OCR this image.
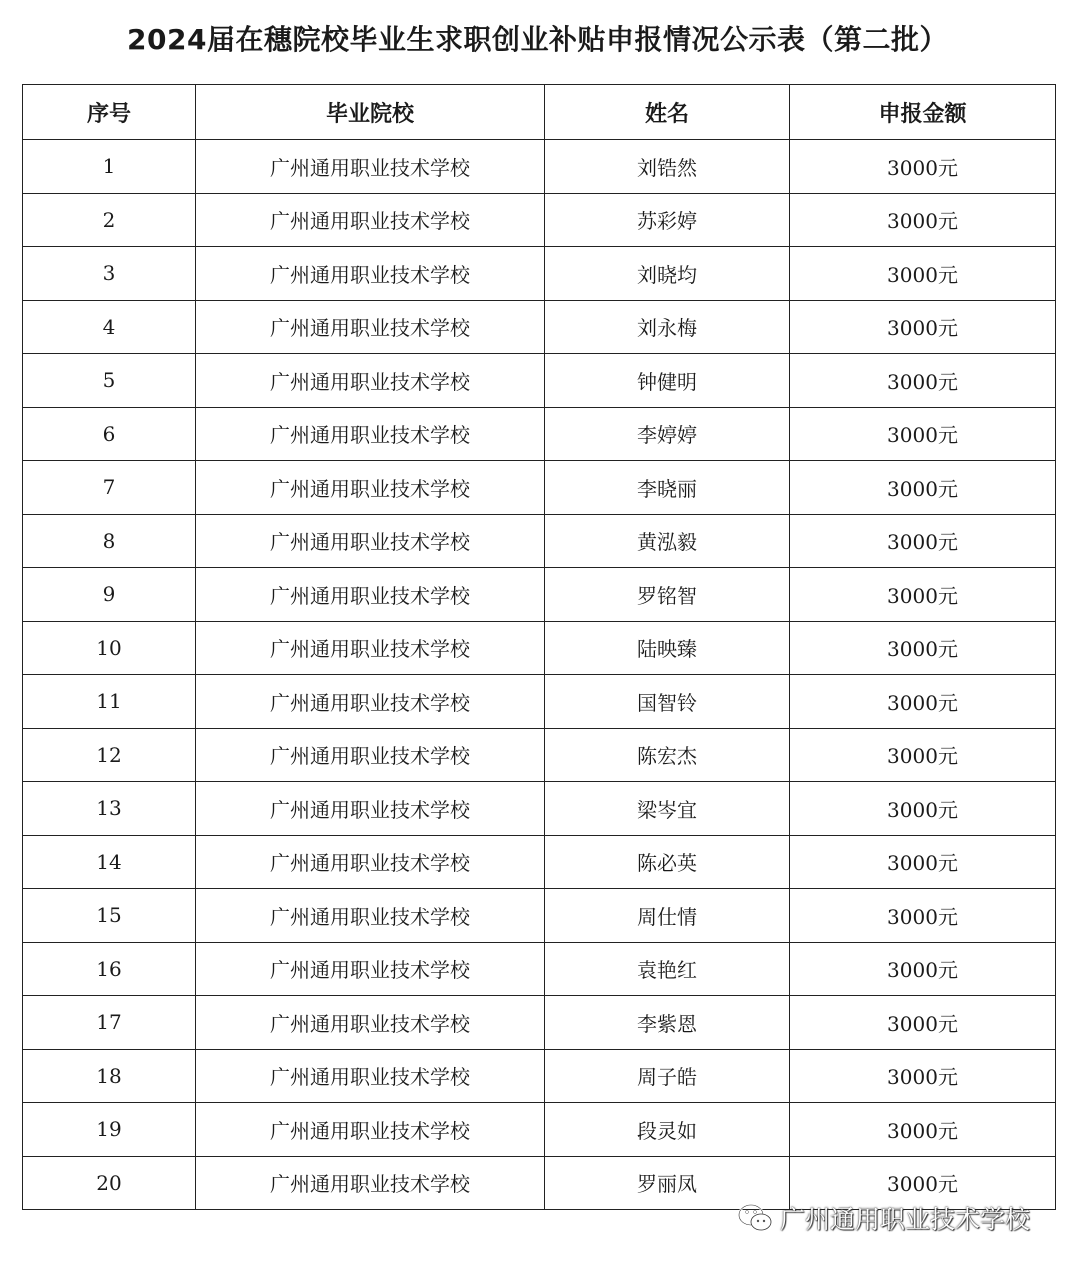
2024届在穗院校毕业生求职创业补贴申报情况公示表（第二批）
序号	毕业院校	姓名	申报金额
1	广州通用职业技术学校	刘锆然	3000元
2	广州通用职业技术学校	苏彩婷	3000元
3	广州通用职业技术学校	刘晓均	3000元
4	广州通用职业技术学校	刘永梅	3000元
5	广州通用职业技术学校	钟健明	3000元
6	广州通用职业技术学校	李婷婷	3000元
7	广州通用职业技术学校	李晓丽	3000元
8	广州通用职业技术学校	黄泓毅	3000元
9	广州通用职业技术学校	罗铭智	3000元
10	广州通用职业技术学校	陆映臻	3000元
11	广州通用职业技术学校	国智铃	3000元
12	广州通用职业技术学校	陈宏杰	3000元
13	广州通用职业技术学校	梁岑宜	3000元
14	广州通用职业技术学校	陈必英	3000元
15	广州通用职业技术学校	周仕情	3000元
16	广州通用职业技术学校	袁艳红	3000元
17	广州通用职业技术学校	李紫恩	3000元
18	广州通用职业技术学校	周子皓	3000元
19	广州通用职业技术学校	段灵如	3000元
20	广州通用职业技术学校	罗丽凤	3000元
广州通用职业技术学校
